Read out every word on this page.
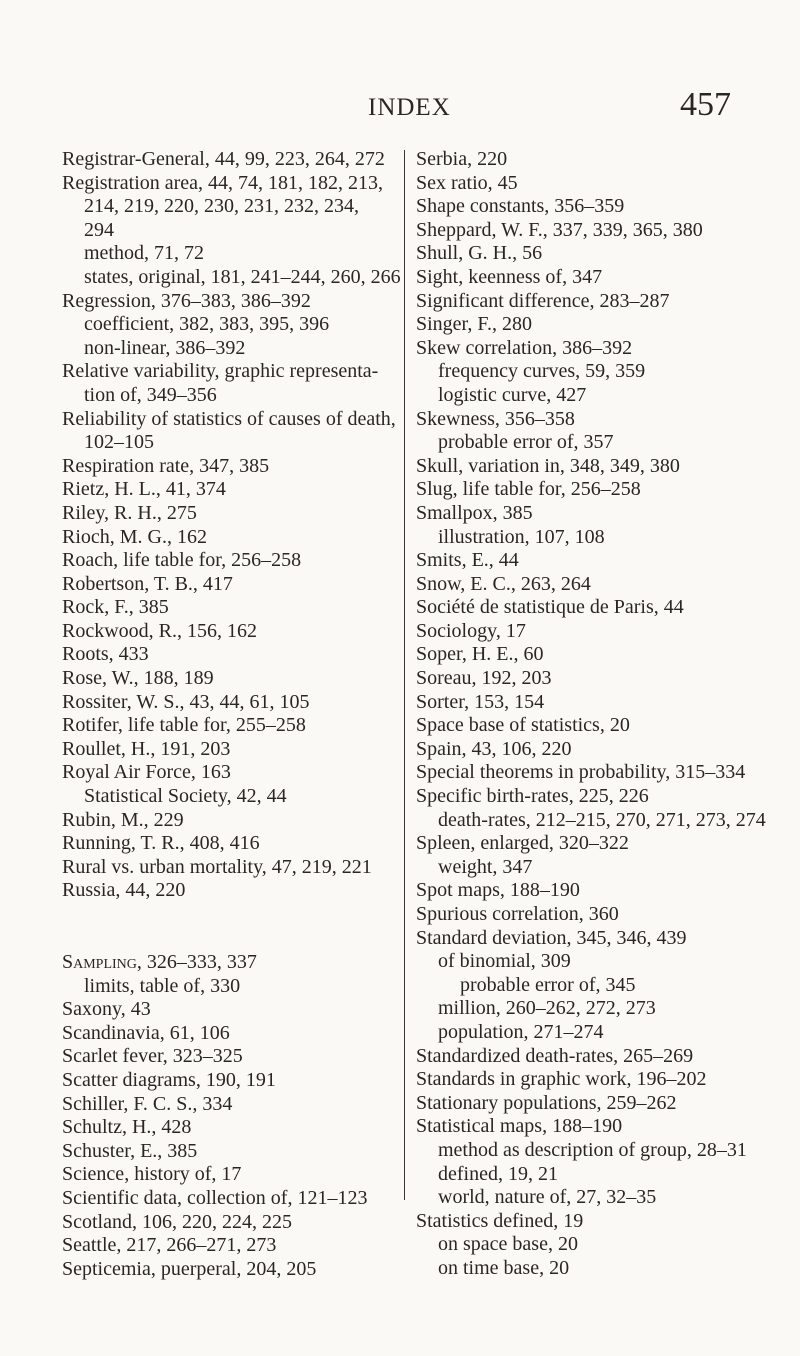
INDEX	457
Registrar-General, 44, 99, 223, 264, 272
Registration area, 44, 74, 181, 182, 213,
214, 219, 220, 230, 231, 232, 234,
294
method, 71, 72
states, original, 181, 241–244, 260, 266
Regression, 376–383, 386–392
coefficient, 382, 383, 395, 396
non-linear, 386–392
Relative variability, graphic representa-
tion of, 349–356
Reliability of statistics of causes of death,
102–105
Respiration rate, 347, 385
Rietz, H. L., 41, 374
Riley, R. H., 275
Rioch, M. G., 162
Roach, life table for, 256–258
Robertson, T. B., 417
Rock, F., 385
Rockwood, R., 156, 162
Roots, 433
Rose, W., 188, 189
Rossiter, W. S., 43, 44, 61, 105
Rotifer, life table for, 255–258
Roullet, H., 191, 203
Royal Air Force, 163
Statistical Society, 42, 44
Rubin, M., 229
Running, T. R., 408, 416
Rural vs. urban mortality, 47, 219, 221
Russia, 44, 220
Sampling, 326–333, 337
limits, table of, 330
Saxony, 43
Scandinavia, 61, 106
Scarlet fever, 323–325
Scatter diagrams, 190, 191
Schiller, F. C. S., 334
Schultz, H., 428
Schuster, E., 385
Science, history of, 17
Scientific data, collection of, 121–123
Scotland, 106, 220, 224, 225
Seattle, 217, 266–271, 273
Septicemia, puerperal, 204, 205
Serbia, 220
Sex ratio, 45
Shape constants, 356–359
Sheppard, W. F., 337, 339, 365, 380
Shull, G. H., 56
Sight, keenness of, 347
Significant difference, 283–287
Singer, F., 280
Skew correlation, 386–392
frequency curves, 59, 359
logistic curve, 427
Skewness, 356–358
probable error of, 357
Skull, variation in, 348, 349, 380
Slug, life table for, 256–258
Smallpox, 385
illustration, 107, 108
Smits, E., 44
Snow, E. C., 263, 264
Société de statistique de Paris, 44
Sociology, 17
Soper, H. E., 60
Soreau, 192, 203
Sorter, 153, 154
Space base of statistics, 20
Spain, 43, 106, 220
Special theorems in probability, 315–334
Specific birth-rates, 225, 226
death-rates, 212–215, 270, 271, 273, 274
Spleen, enlarged, 320–322
weight, 347
Spot maps, 188–190
Spurious correlation, 360
Standard deviation, 345, 346, 439
of binomial, 309
probable error of, 345
million, 260–262, 272, 273
population, 271–274
Standardized death-rates, 265–269
Standards in graphic work, 196–202
Stationary populations, 259–262
Statistical maps, 188–190
method as description of group, 28–31
defined, 19, 21
world, nature of, 27, 32–35
Statistics defined, 19
on space base, 20
on time base, 20
